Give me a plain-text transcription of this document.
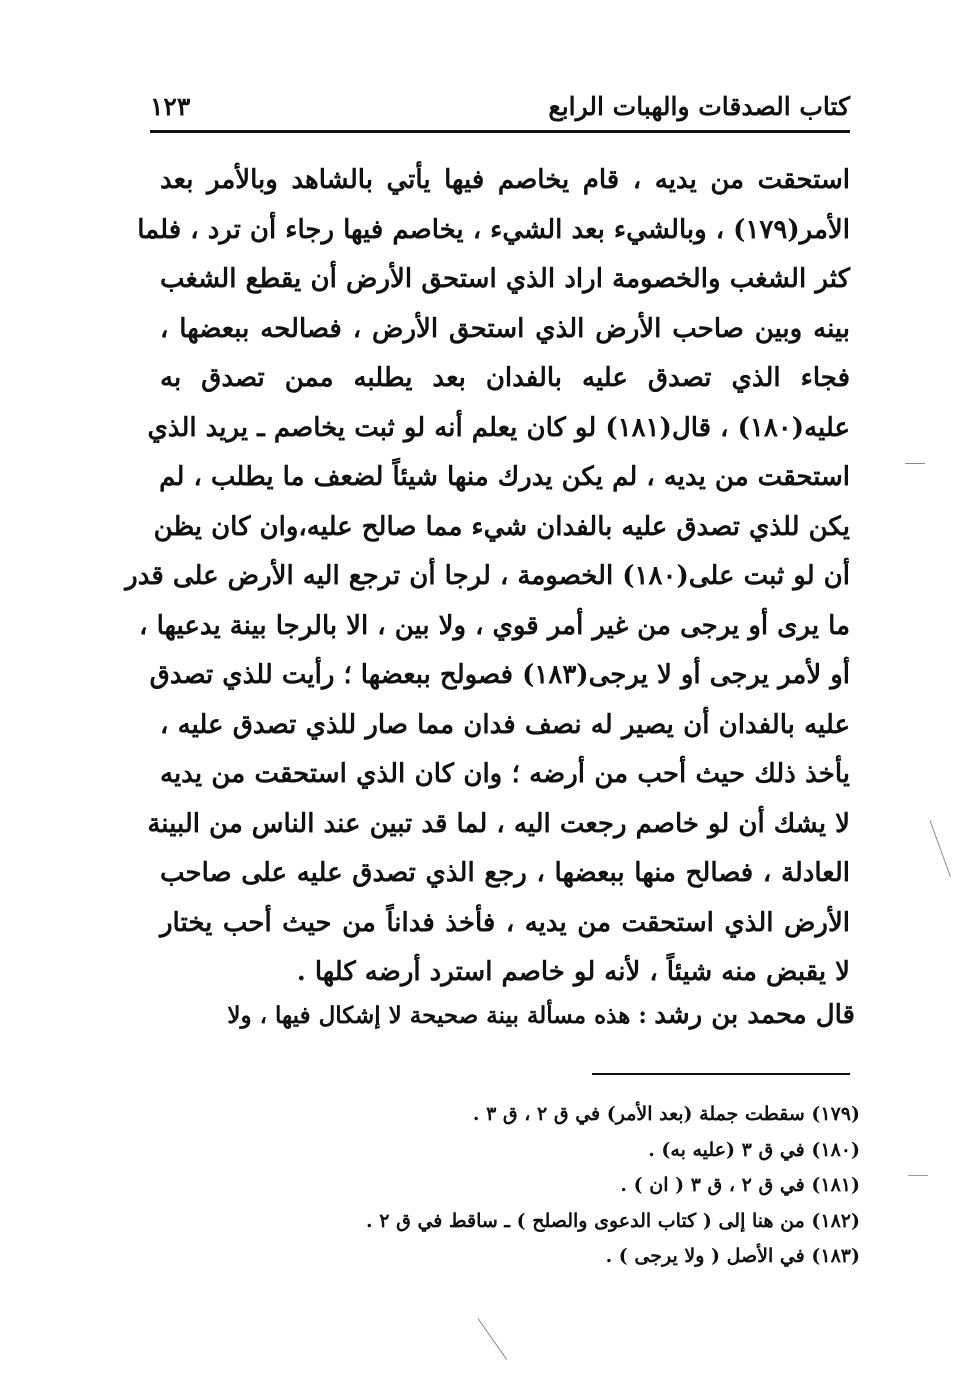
كتاب الصدقات والهبات الرابع
١٢٣
استحقت من يديه ، قام يخاصم فيها يأتي بالشاهد وبالأمر بعد
الأمر(١٧٩) ، وبالشيء بعد الشيء ، يخاصم فيها رجاء أن ترد ، فلما
كثر الشغب والخصومة اراد الذي استحق الأرض أن يقطع الشغب
بينه وبين صاحب الأرض الذي استحق الأرض ، فصالحه ببعضها ،
فجاء الذي تصدق عليه بالفدان بعد يطلبه ممن تصدق به
عليه(١٨٠) ، قال(١٨١) لو كان يعلم أنه لو ثبت يخاصم ـ يريد الذي
استحقت من يديه ، لم يكن يدرك منها شيئاً لضعف ما يطلب ، لم
يكن للذي تصدق عليه بالفدان شيء مما صالح عليه،وان كان يظن
أن لو ثبت على(١٨٠) الخصومة ، لرجا أن ترجع اليه الأرض على قدر
ما يرى أو يرجى من غير أمر قوي ، ولا بين ، الا بالرجا بينة يدعيها ،
أو لأمر يرجى أو لا يرجى(١٨٣) فصولح ببعضها ؛ رأيت للذي تصدق
عليه بالفدان أن يصير له نصف فدان مما صار للذي تصدق عليه ،
يأخذ ذلك حيث أحب من أرضه ؛ وان كان الذي استحقت من يديه
لا يشك أن لو خاصم رجعت اليه ، لما قد تبين عند الناس من البينة
العادلة ، فصالح منها ببعضها ، رجع الذي تصدق عليه على صاحب
الأرض الذي استحقت من يديه ، فأخذ فداناً من حيث أحب يختار
لا يقبض منه شيئاً ، لأنه لو خاصم استرد أرضه كلها .
قال محمد بن رشد : هذه مسألة بينة صحيحة لا إشكال فيها ، ولا
(١٧٩) سقطت جملة (بعد الأمر) في ق ٢ ، ق ٣ .
(١٨٠) في ق ٣ (عليه به) .
(١٨١) في ق ٢ ، ق ٣ ( ان ) .
(١٨٢) من هنا إلى ( كتاب الدعوى والصلح ) ـ ساقط في ق ٢ .
(١٨٣) في الأصل ( ولا يرجى ) .
